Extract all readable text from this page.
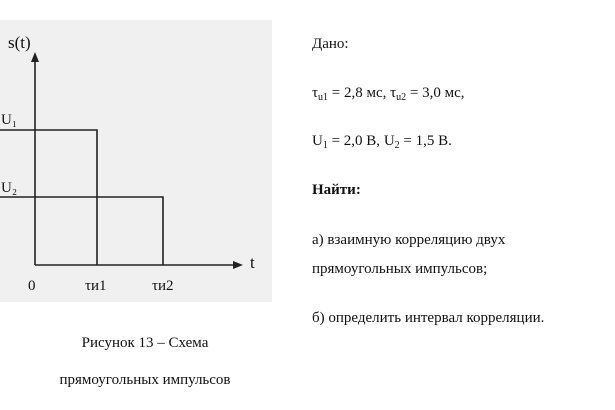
s(t)
t
U₁
U₂
0	τи1	τи2
Рисунок 13 – Схема
прямоугольных импульсов
Дано:
$\tau_{u1} = 2,8$ мс, $\tau_{u2} = 3,0$ мс,
$U_1 = 2,0$ В, $U_2 = 1,5$ В.
Найти:
а) взаимную корреляцию двух
прямоугольных импульсов;
б) определить интервал корреляции.
